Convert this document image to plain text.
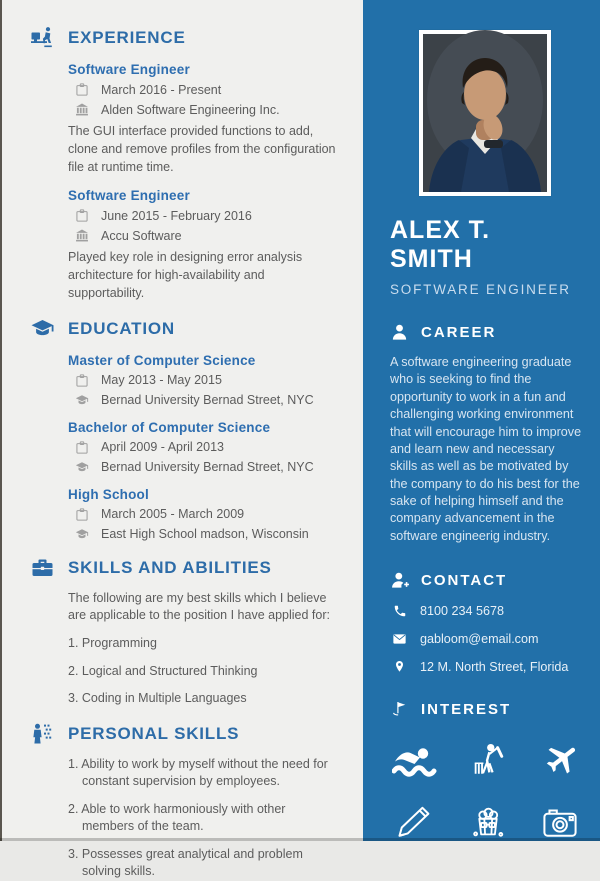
EXPERIENCE
Software Engineer
March 2016 - Present
Alden Software Engineering Inc.
The GUI interface provided functions to add, clone and remove profiles from the configuration file at runtime time.
Software Engineer
June 2015 - February 2016
Accu Software
Played key role in designing error analysis architecture for high-availability and supportability.
EDUCATION
Master of Computer Science
May 2013 - May 2015
Bernad University Bernad Street, NYC
Bachelor of Computer Science
April 2009 - April 2013
Bernad University Bernad Street, NYC
High School
March 2005 - March 2009
East High School madson, Wisconsin
SKILLS AND ABILITIES
The following are my best skills which I believe are applicable to the position I have applied for:
1. Programming
2. Logical and Structured Thinking
3. Coding in Multiple Languages
PERSONAL SKILLS
1. Ability to work by myself without the need for constant supervision by employees.
2. Able to work harmoniously with other members of the team.
3. Possesses great analytical and problem solving skills.
ALEX T. SMITH
SOFTWARE ENGINEER
CAREER
A software engineering graduate who is seeking to find the opportunity to work in a fun and challenging working environment that will encourage him to improve and learn new and necessary skills as well as be motivated by the company to do his best for the sake of helping himself and the company advancement in the software engineerig industry.
CONTACT
8100 234 5678
gabloom@email.com
12 M. North Street, Florida
INTEREST
